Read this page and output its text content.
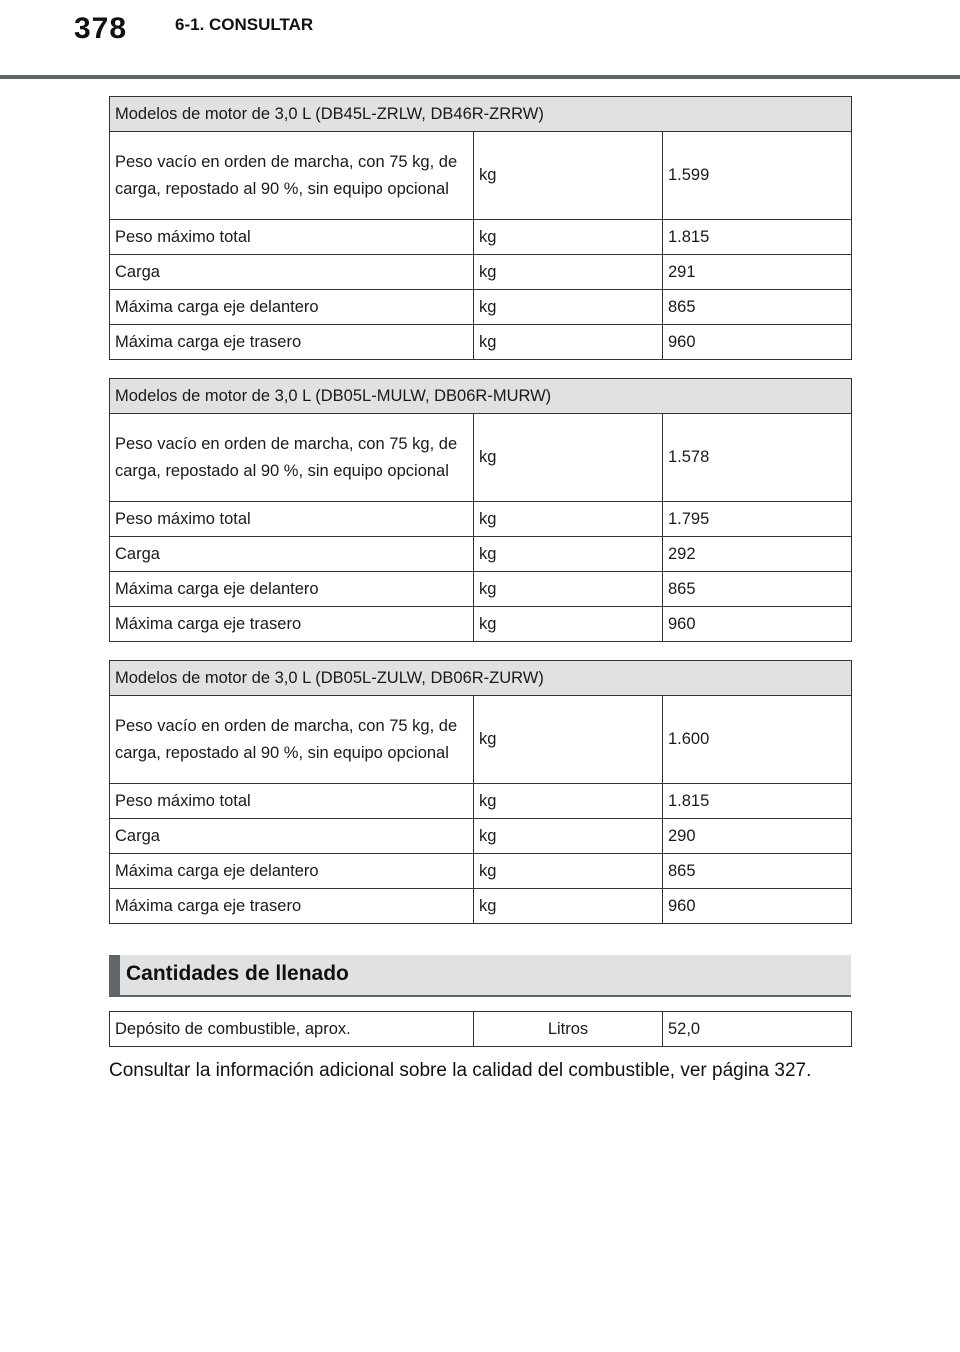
378	6-1. CONSULTAR
Modelos de motor de 3,0 L (DB45L-ZRLW, DB46R-ZRRW)		
Peso vacío en orden de marcha, con 75 kg, de carga, repostado al 90 %, sin equipo opcional	kg	1.599
Peso máximo total	kg	1.815
Carga	kg	291
Máxima carga eje delantero	kg	865
Máxima carga eje trasero	kg	960
Modelos de motor de 3,0 L (DB05L-MULW, DB06R-MURW)		
Peso vacío en orden de marcha, con 75 kg, de carga, repostado al 90 %, sin equipo opcional	kg	1.578
Peso máximo total	kg	1.795
Carga	kg	292
Máxima carga eje delantero	kg	865
Máxima carga eje trasero	kg	960
Modelos de motor de 3,0 L (DB05L-ZULW, DB06R-ZURW)		
Peso vacío en orden de marcha, con 75 kg, de carga, repostado al 90 %, sin equipo opcional	kg	1.600
Peso máximo total	kg	1.815
Carga	kg	290
Máxima carga eje delantero	kg	865
Máxima carga eje trasero	kg	960
Cantidades de llenado
Depósito de combustible, aprox.	Litros	52,0
Consultar la información adicional sobre la calidad del combustible, ver página 327.
